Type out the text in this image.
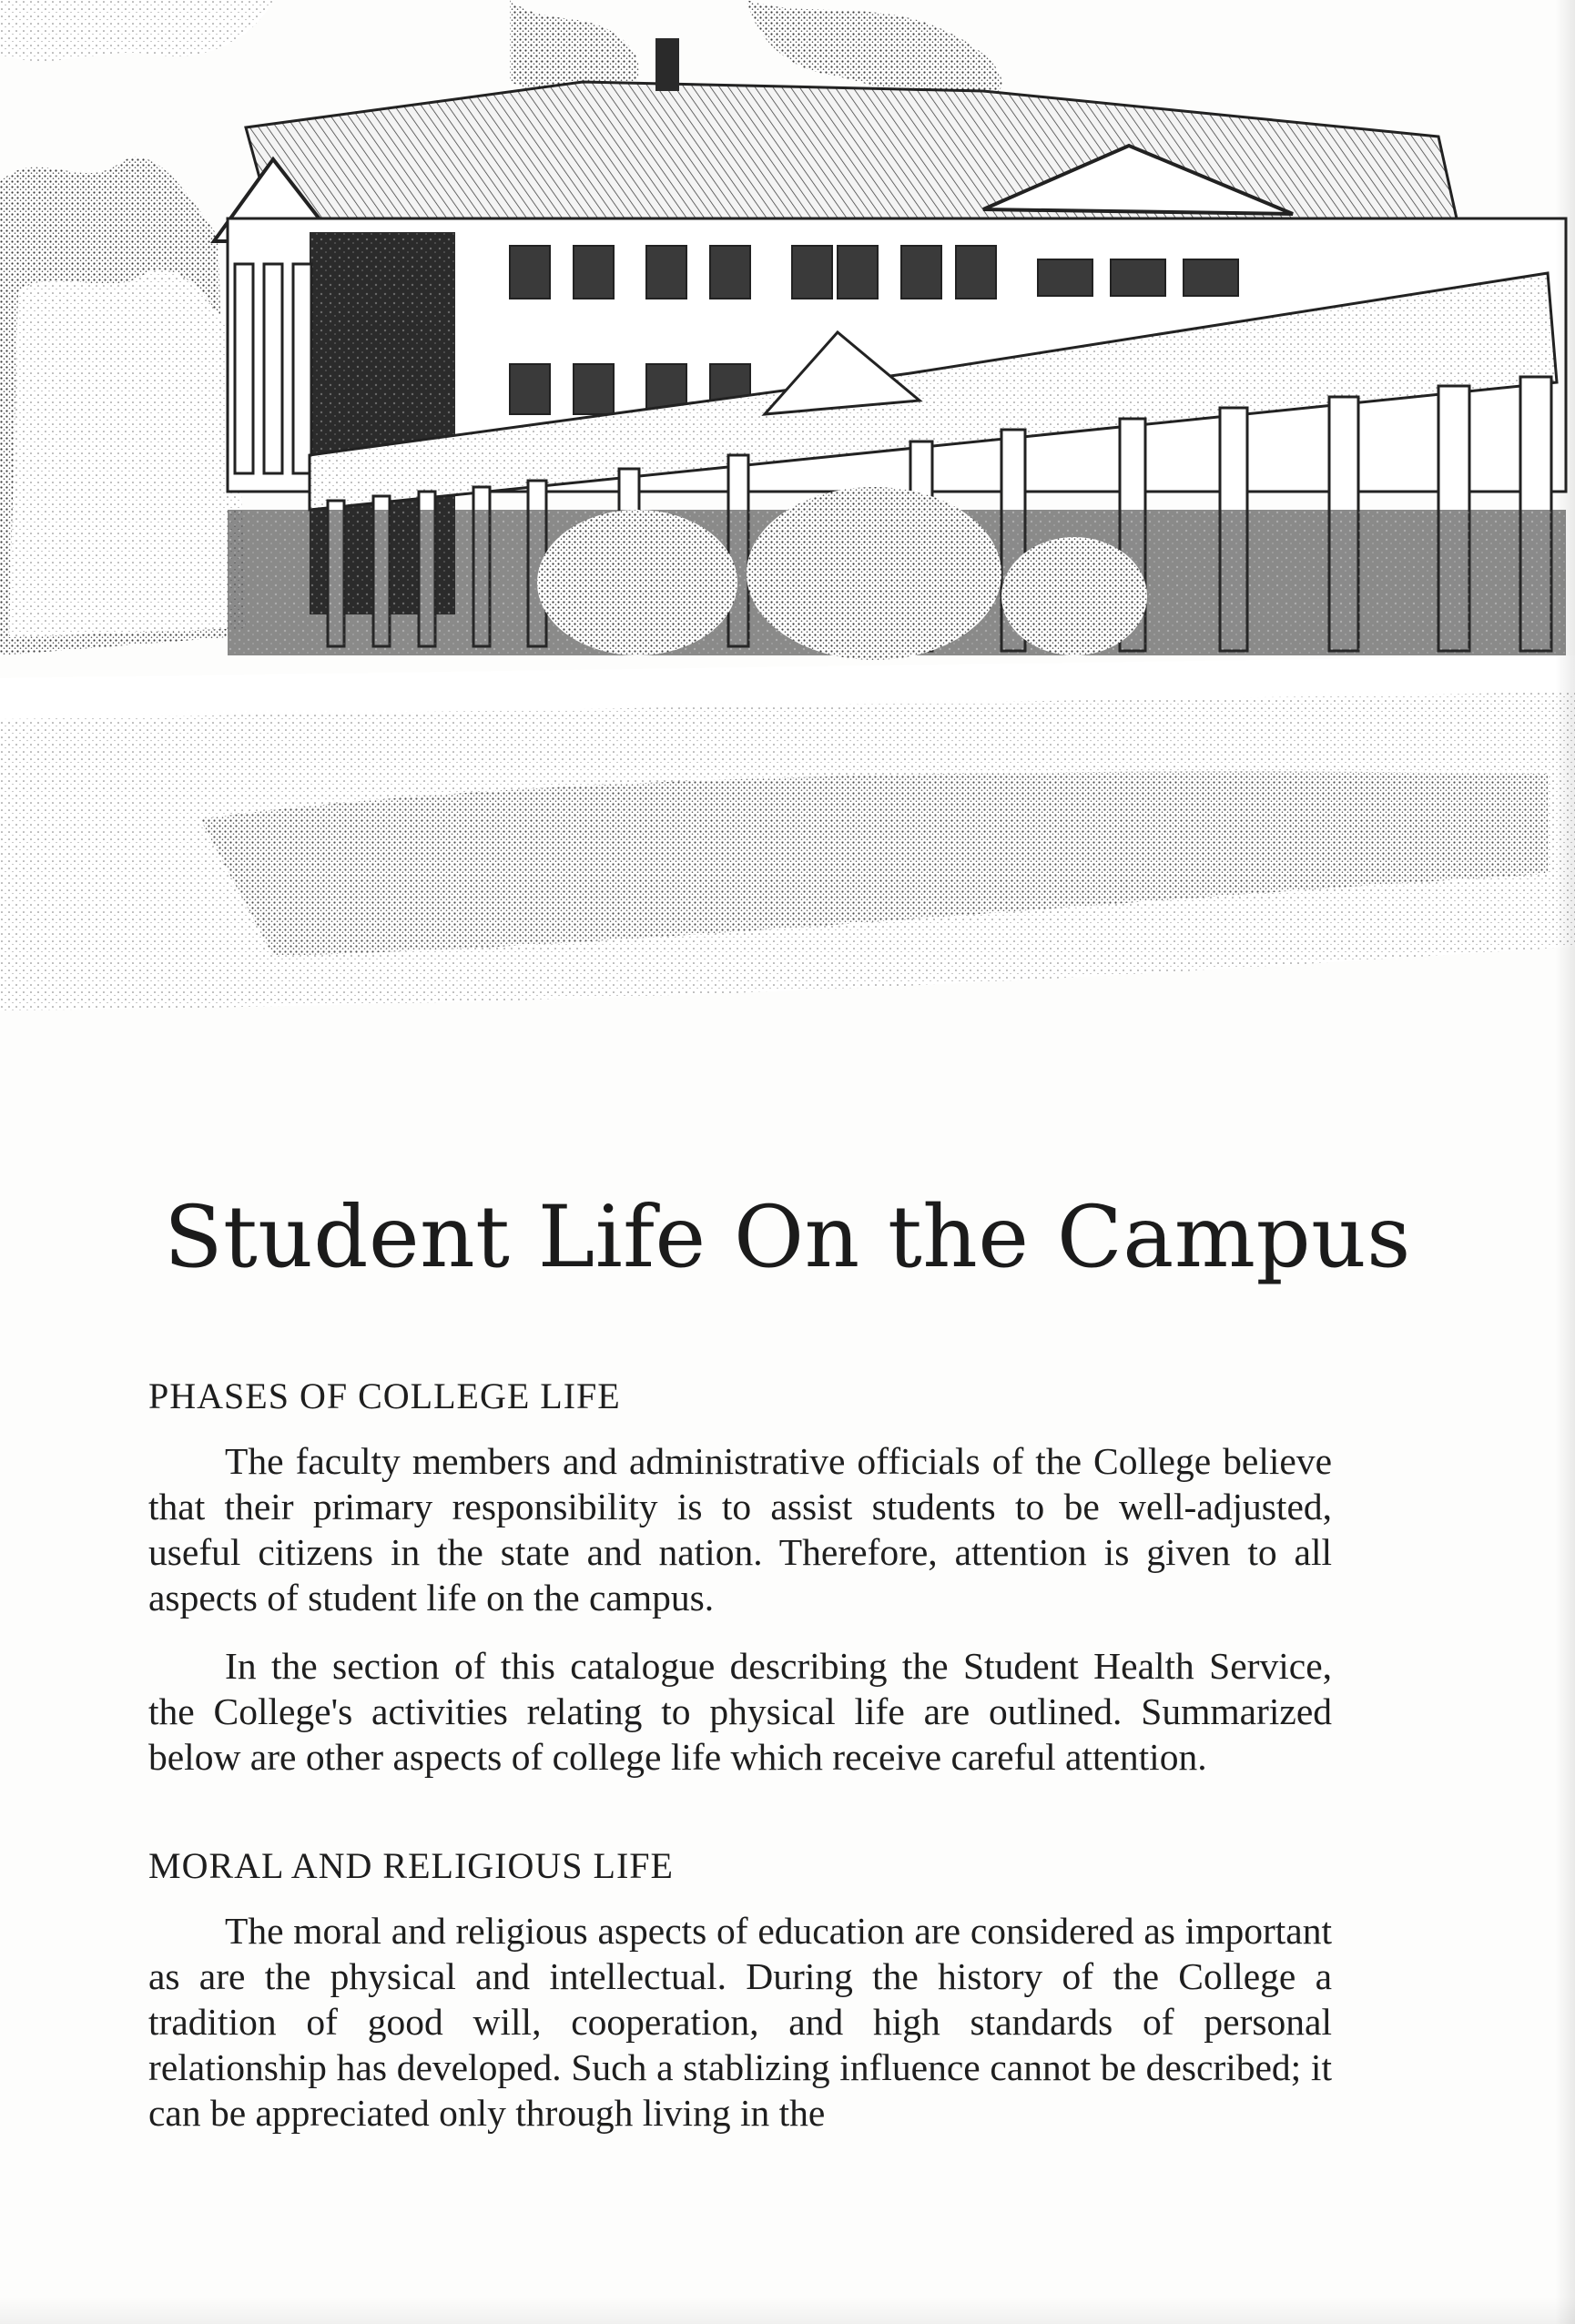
Student Life On the Campus
PHASES OF COLLEGE LIFE

The faculty members and administrative officials of the College believe that their primary responsibility is to assist students to be well-adjusted, useful citizens in the state and nation. Therefore, attention is given to all aspects of student life on the campus.

In the section of this catalogue describing the Student Health Service, the College's activities relating to physical life are outlined. Summarized below are other aspects of college life which receive careful attention.

MORAL AND RELIGIOUS LIFE

The moral and religious aspects of education are considered as important as are the physical and intellectual. During the history of the College a tradition of good will, cooperation, and high standards of personal relationship has developed. Such a stablizing influence cannot be described; it can be appreciated only through living in the
